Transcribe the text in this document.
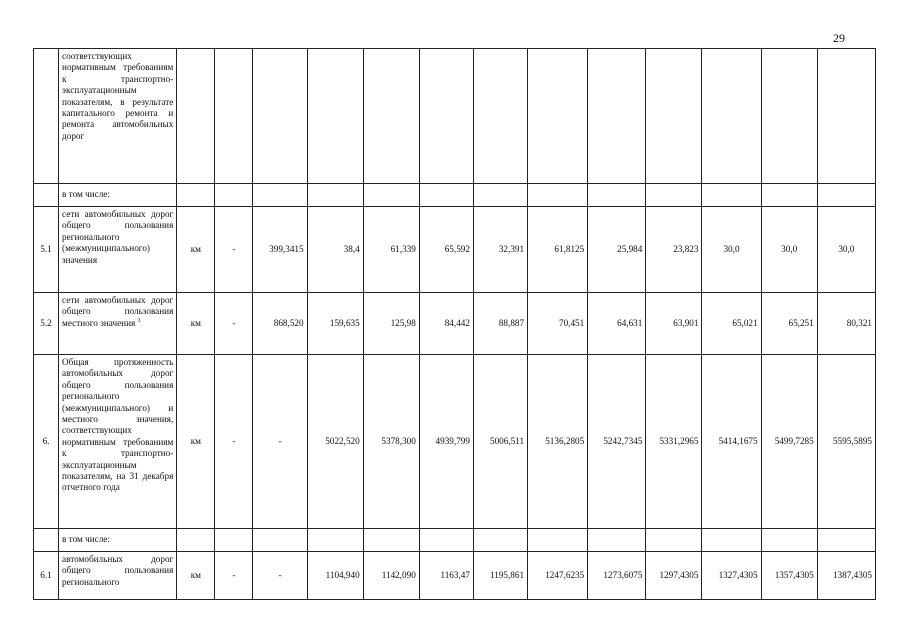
29
	соответствующих нормативным требованиям к транспортно-эксплуатационным показателям, в результате капитального ремонта и ремонта автомобильных дорог													
	в том числе:													
5.1	сети автомобильных дорог общего пользования регионального (межмуниципального) значения	км	-	399,3415	38,4	61,339	65,592	32,391	61,8125	25,984	23,823	30,0	30,0	30,0
5.2	сети автомобильных дорог общего пользования местного значения $^3$	км	-	868,520	159,635	125,98	84,442	88,887	70,451	64,631	63,901	65,021	65,251	80,321
6.	Общая протяженность автомобильных дорог общего пользования регионального (межмуниципального) и местного значения, соответствующих нормативным требованиям к транспортно-эксплуатационным показателям, на 31 декабря отчетного года	км	-	-	5022,520	5378,300	4939,799	5006,511	5136,2805	5242,7345	5331,2965	5414,1675	5499,7285	5595,5895
	в том числе:													
6.1	автомобильных дорог общего пользования регионального	км	-	-	1104,940	1142,090	1163,47	1195,861	1247,6235	1273,6075	1297,4305	1327,4305	1357,4305	1387,4305
